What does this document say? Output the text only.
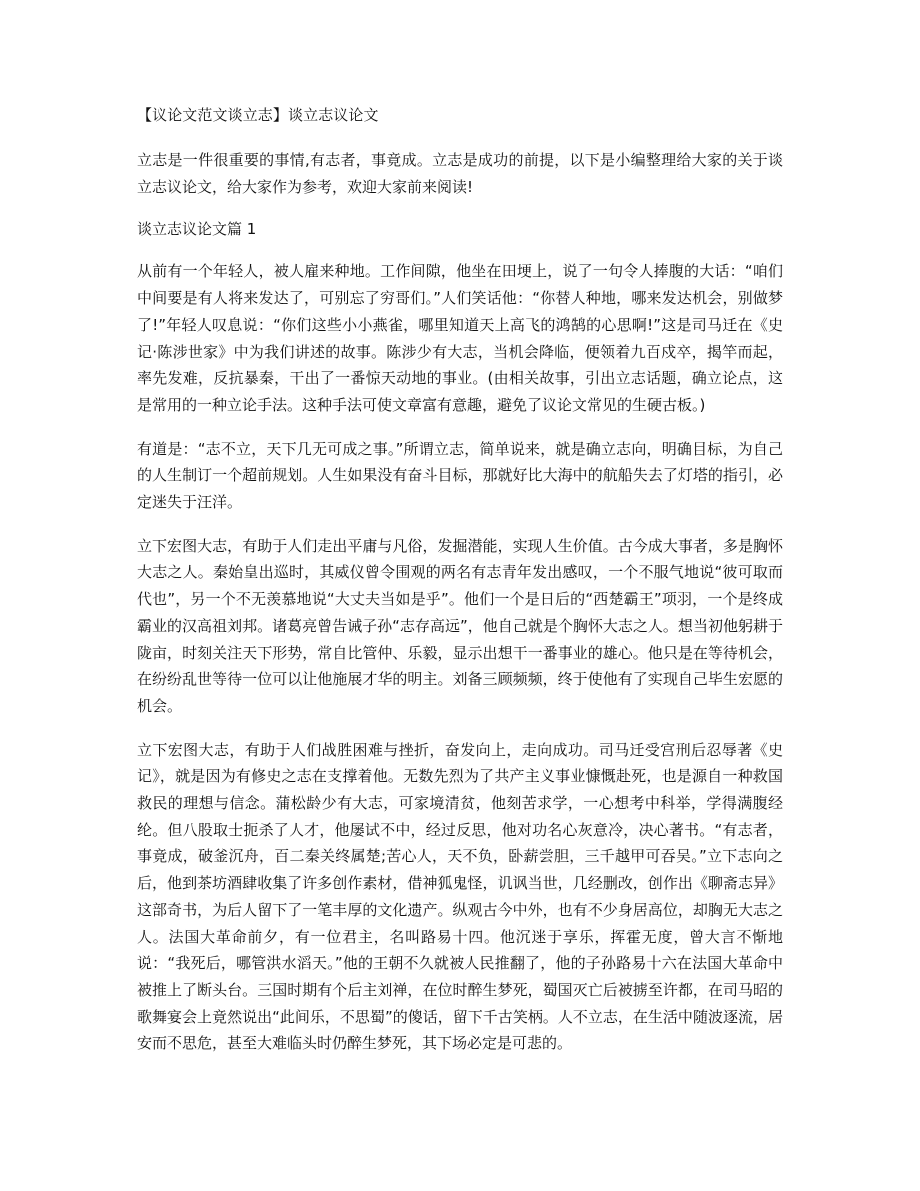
【议论文范文谈立志】谈立志议论文

立志是一件很重要的事情,有志者，事竟成。立志是成功的前提，以下是小编整理给大家的关于谈立志议论文，给大家作为参考，欢迎大家前来阅读!

谈立志议论文篇 1

从前有一个年轻人，被人雇来种地。工作间隙，他坐在田埂上，说了一句令人捧腹的大话：“咱们中间要是有人将来发达了，可别忘了穷哥们。”人们笑话他：“你替人种地，哪来发达机会，别做梦了!”年轻人叹息说：“你们这些小小燕雀，哪里知道天上高飞的鸿鹄的心思啊!”这是司马迁在《史记·陈涉世家》中为我们讲述的故事。陈涉少有大志，当机会降临，便领着九百戍卒，揭竿而起，率先发难，反抗暴秦，干出了一番惊天动地的事业。(由相关故事，引出立志话题，确立论点，这是常用的一种立论手法。这种手法可使文章富有意趣，避免了议论文常见的生硬古板。)

有道是：“志不立，天下几无可成之事。”所谓立志，简单说来，就是确立志向，明确目标，为自己的人生制订一个超前规划。人生如果没有奋斗目标，那就好比大海中的航船失去了灯塔的指引，必定迷失于汪洋。

立下宏图大志，有助于人们走出平庸与凡俗，发掘潜能，实现人生价值。古今成大事者，多是胸怀大志之人。秦始皇出巡时，其威仪曾令围观的两名有志青年发出感叹，一个不服气地说“彼可取而代也”，另一个不无羡慕地说“大丈夫当如是乎”。他们一个是日后的“西楚霸王”项羽，一个是终成霸业的汉高祖刘邦。诸葛亮曾告诫子孙“志存高远”，他自己就是个胸怀大志之人。想当初他躬耕于陇亩，时刻关注天下形势，常自比管仲、乐毅，显示出想干一番事业的雄心。他只是在等待机会，在纷纷乱世等待一位可以让他施展才华的明主。刘备三顾频频，终于使他有了实现自己毕生宏愿的机会。

立下宏图大志，有助于人们战胜困难与挫折，奋发向上，走向成功。司马迁受宫刑后忍辱著《史记》，就是因为有修史之志在支撑着他。无数先烈为了共产主义事业慷慨赴死，也是源自一种救国救民的理想与信念。蒲松龄少有大志，可家境清贫，他刻苦求学，一心想考中科举，学得满腹经纶。但八股取士扼杀了人才，他屡试不中，经过反思，他对功名心灰意冷，决心著书。“有志者，事竟成，破釜沉舟，百二秦关终属楚;苦心人，天不负，卧薪尝胆，三千越甲可吞吴。”立下志向之后，他到茶坊酒肆收集了许多创作素材，借神狐鬼怪，讥讽当世，几经删改，创作出《聊斋志异》这部奇书，为后人留下了一笔丰厚的文化遗产。纵观古今中外，也有不少身居高位，却胸无大志之人。法国大革命前夕，有一位君主，名叫路易十四。他沉迷于享乐，挥霍无度，曾大言不惭地说：“我死后，哪管洪水滔天。”他的王朝不久就被人民推翻了，他的子孙路易十六在法国大革命中被推上了断头台。三国时期有个后主刘禅，在位时醉生梦死，蜀国灭亡后被掳至许都，在司马昭的歌舞宴会上竟然说出“此间乐，不思蜀”的傻话，留下千古笑柄。人不立志，在生活中随波逐流，居安而不思危，甚至大难临头时仍醉生梦死，其下场必定是可悲的。
